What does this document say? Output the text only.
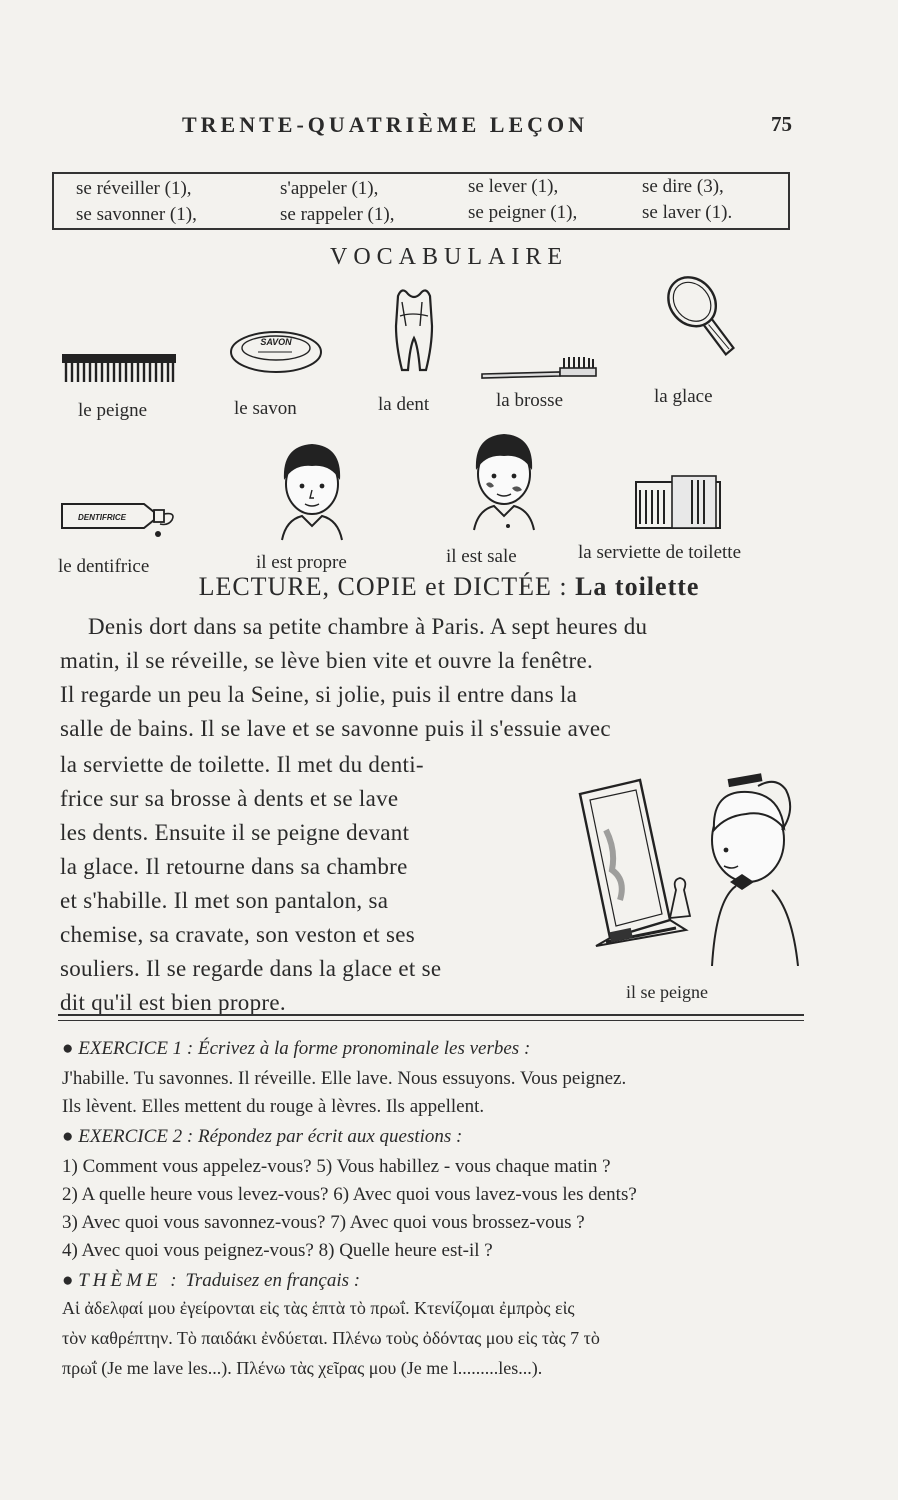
TRENTE-QUATRIÈME LEÇON	75
se réveiller (1),	s'appeler (1),	se lever (1),	se dire (3),
se savonner (1),	se rappeler (1),	se peigner (1),	se laver (1).
VOCABULAIRE
SAVON
le peigne	le savon	la dent	la brosse	la glace
DENTIFRICE
le dentifrice	il est propre	il est sale	la serviette de toilette
LECTURE, COPIE et DICTÉE : La toilette
Denis dort dans sa petite chambre à Paris. A sept heures du
matin, il se réveille, se lève bien vite et ouvre la fenêtre.
Il regarde un peu la Seine, si jolie, puis il entre dans la
salle de bains. Il se lave et se savonne puis il s'essuie avec
la serviette de toilette. Il met du denti-
frice sur sa brosse à dents et se lave
les dents. Ensuite il se peigne devant
la glace. Il retourne dans sa chambre
et s'habille. Il met son pantalon, sa
chemise, sa cravate, son veston et ses
souliers. Il se regarde dans la glace et se
dit qu'il est bien propre.	il se peigne
● EXERCICE 1 : Écrivez à la forme pronominale les verbes :
J'habille. Tu savonnes. Il réveille. Elle lave. Nous essuyons. Vous peignez.
Ils lèvent. Elles mettent du rouge à lèvres. Ils appellent.
● EXERCICE 2 : Répondez par écrit aux questions :
1) Comment vous appelez-vous? 5) Vous habillez - vous chaque matin ?
2) A quelle heure vous levez-vous? 6) Avec quoi vous lavez-vous les dents?
3) Avec quoi vous savonnez-vous? 7) Avec quoi vous brossez-vous ?
4) Avec quoi vous peignez-vous? 8) Quelle heure est-il ?
● THÈME : Traduisez en français :
Αἱ ἀδελφαί μου ἐγείρονται εἰς τὰς ἑπτὰ τὸ πρωΐ. Κτενίζομαι ἐμπρὸς εἰς
τὸν καθρέπτην. Τὸ παιδάκι ἐνδύεται. Πλένω τοὺς ὀδόντας μου εἰς τὰς 7 τὸ
πρωΐ (Je me lave les...). Πλένω τὰς χεῖρας μου (Je me l.........les...).
